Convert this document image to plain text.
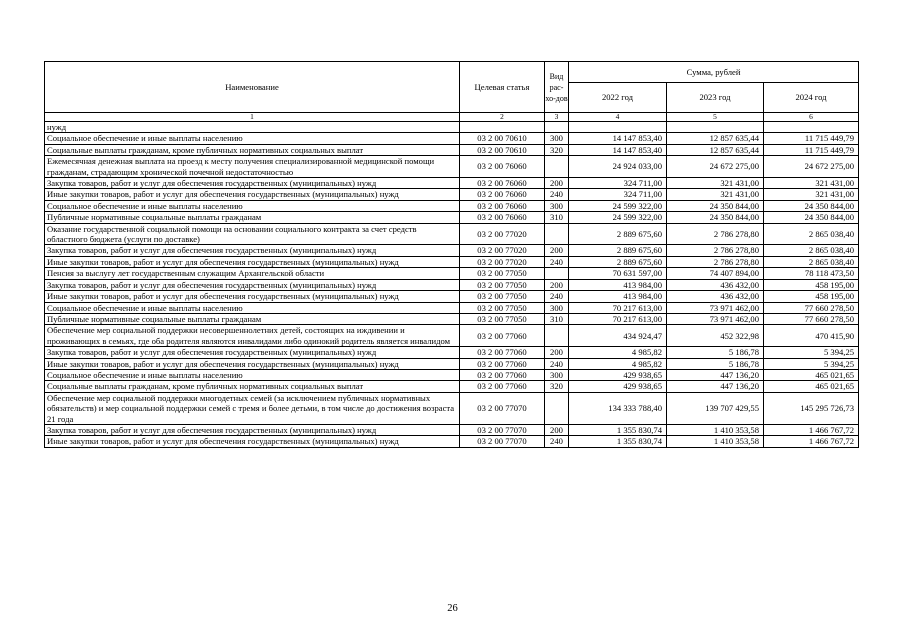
Наименование	Целевая статья	Вид рас-хо-дов	Сумма, рублей		
			2022 год	2023 год	2024 год
1	2	3	4	5	6
нужд					
Социальное обеспечение и иные выплаты населению	03 2 00 70610	300	14 147 853,40	12 857 635,44	11 715 449,79
Социальные выплаты гражданам, кроме публичных нормативных социальных выплат	03 2 00 70610	320	14 147 853,40	12 857 635,44	11 715 449,79
Ежемесячная денежная выплата на проезд к месту получения специализированной медицинской помощи гражданам, страдающим хронической почечной недостаточностью	03 2 00 76060		24 924 033,00	24 672 275,00	24 672 275,00
Закупка товаров, работ и услуг для обеспечения государственных (муниципальных) нужд	03 2 00 76060	200	324 711,00	321 431,00	321 431,00
Иные закупки товаров, работ и услуг для обеспечения государственных (муниципальных) нужд	03 2 00 76060	240	324 711,00	321 431,00	321 431,00
Социальное обеспечение и иные выплаты населению	03 2 00 76060	300	24 599 322,00	24 350 844,00	24 350 844,00
Публичные нормативные социальные выплаты гражданам	03 2 00 76060	310	24 599 322,00	24 350 844,00	24 350 844,00
Оказание государственной социальной помощи на основании социального контракта за счет средств областного бюджета (услуги по доставке)	03 2 00 77020		2 889 675,60	2 786 278,80	2 865 038,40
Закупка товаров, работ и услуг для обеспечения государственных (муниципальных) нужд	03 2 00 77020	200	2 889 675,60	2 786 278,80	2 865 038,40
Иные закупки товаров, работ и услуг для обеспечения государственных (муниципальных) нужд	03 2 00 77020	240	2 889 675,60	2 786 278,80	2 865 038,40
Пенсия за выслугу лет государственным служащим Архангельской области	03 2 00 77050		70 631 597,00	74 407 894,00	78 118 473,50
Закупка товаров, работ и услуг для обеспечения государственных (муниципальных) нужд	03 2 00 77050	200	413 984,00	436 432,00	458 195,00
Иные закупки товаров, работ и услуг для обеспечения государственных (муниципальных) нужд	03 2 00 77050	240	413 984,00	436 432,00	458 195,00
Социальное обеспечение и иные выплаты населению	03 2 00 77050	300	70 217 613,00	73 971 462,00	77 660 278,50
Публичные нормативные социальные выплаты гражданам	03 2 00 77050	310	70 217 613,00	73 971 462,00	77 660 278,50
Обеспечение мер социальной поддержки несовершеннолетних детей, состоящих на иждивении и проживающих в семьях, где оба родителя являются инвалидами либо одинокий родитель является инвалидом	03 2 00 77060		434 924,47	452 322,98	470 415,90
Закупка товаров, работ и услуг для обеспечения государственных (муниципальных) нужд	03 2 00 77060	200	4 985,82	5 186,78	5 394,25
Иные закупки товаров, работ и услуг для обеспечения государственных (муниципальных) нужд	03 2 00 77060	240	4 985,82	5 186,78	5 394,25
Социальное обеспечение и иные выплаты населению	03 2 00 77060	300	429 938,65	447 136,20	465 021,65
Социальные выплаты гражданам, кроме публичных нормативных социальных выплат	03 2 00 77060	320	429 938,65	447 136,20	465 021,65
Обеспечение мер социальной поддержки многодетных семей (за исключением публичных нормативных обязательств) и мер социальной поддержки семей с тремя и более детьми, в том числе до достижения возраста 21 года	03 2 00 77070		134 333 788,40	139 707 429,55	145 295 726,73
Закупка товаров, работ и услуг для обеспечения государственных (муниципальных) нужд	03 2 00 77070	200	1 355 830,74	1 410 353,58	1 466 767,72
Иные закупки товаров, работ и услуг для обеспечения государственных (муниципальных) нужд	03 2 00 77070	240	1 355 830,74	1 410 353,58	1 466 767,72
26
